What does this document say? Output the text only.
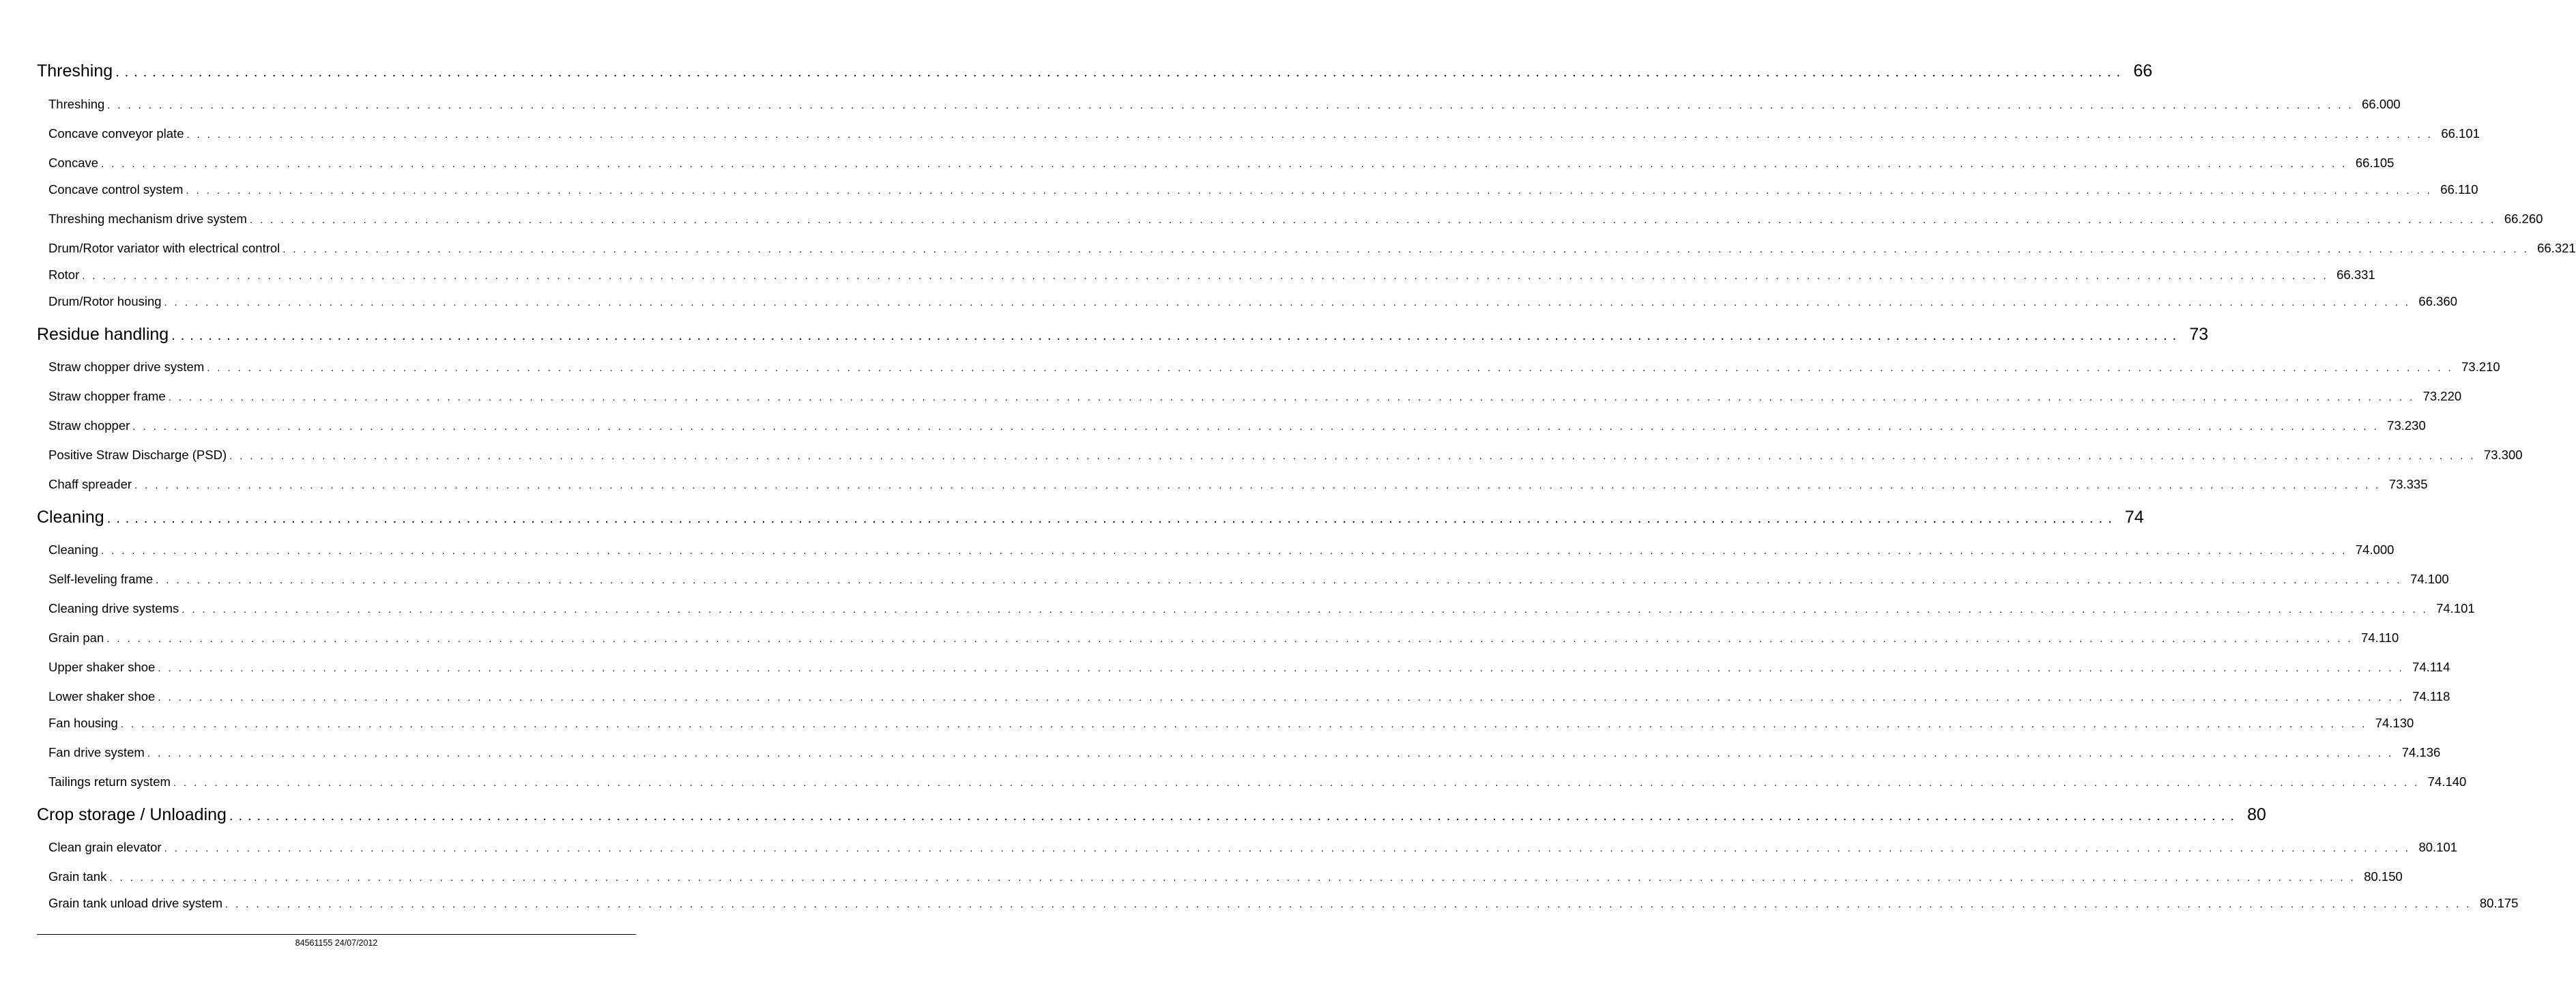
Threshing . . . . . . . . . . . . . . . . . . . . . . . . . . . . . . . . . . . . . . . . . . . . . . . . . . . . . . . . . . . . . . . . . . . . . . . . . . . . . . . . . . . . . . . . . . . . . . . . . . . . . . . . . . . . . . . . . . . . . . . . . . . . . . . . . . . . . . . . . . . . . . . . . . . . . . . . . . . . . . . . . . . . . . . . . . . . . . . . . . . . . . . . . . . . . . . . . . . . . . . . . . . . . . . . . . . . . . . . . . 66
Threshing . . . . . . . . . . . . . . . . . . . . . . . . . . . . . . . . . . . . . . . . . . . . . . . . . . . . . . . . . . . . . . . . . . . . . . . . . . . . . . . . . . . . . . . . . . . . . . . . . . . . . . . . . . . . . . . . . . . . . . . . . . . . . . . . . . . . . . . . . . . . . . . . . . . . . . . . . . . . . . . . . . . . . . . . . . . . . . . . . . . . . . . . . . . . . . . . . . . . . . . . . . . . . . . . . . . . . . . . . . 66.000
Concave conveyor plate . . . . . . . . . . . . . . . . . . . . . . . . . . . . . . . . . . . . . . . . . . . . . . . . . . . . . . . . . . . . . . . . . . . . . . . . . . . . . . . . . . . . . . . . . . . . . . . . . . . . . . . . . . . . . . . . . . . . . . . . . . . . . . . . . . . . . . . . . . . . . . . . . . . . . . . . . . . . . . . . . . . . . . . . . . . . . . . . . . . . . . . . . . . . . . . . . . . . . . . . . . . . . . . . . . . . . . . . . . 66.101
Concave . . . . . . . . . . . . . . . . . . . . . . . . . . . . . . . . . . . . . . . . . . . . . . . . . . . . . . . . . . . . . . . . . . . . . . . . . . . . . . . . . . . . . . . . . . . . . . . . . . . . . . . . . . . . . . . . . . . . . . . . . . . . . . . . . . . . . . . . . . . . . . . . . . . . . . . . . . . . . . . . . . . . . . . . . . . . . . . . . . . . . . . . . . . . . . . . . . . . . . . . . . . . . . . . . . . . . . . . . . 66.105
Concave control system . . . . . . . . . . . . . . . . . . . . . . . . . . . . . . . . . . . . . . . . . . . . . . . . . . . . . . . . . . . . . . . . . . . . . . . . . . . . . . . . . . . . . . . . . . . . . . . . . . . . . . . . . . . . . . . . . . . . . . . . . . . . . . . . . . . . . . . . . . . . . . . . . . . . . . . . . . . . . . . . . . . . . . . . . . . . . . . . . . . . . . . . . . . . . . . . . . . . . . . . . . . . . . . . . . . . . . . . . . 66.110
Threshing mechanism drive system . . . . . . . . . . . . . . . . . . . . . . . . . . . . . . . . . . . . . . . . . . . . . . . . . . . . . . . . . . . . . . . . . . . . . . . . . . . . . . . . . . . . . . . . . . . . . . . . . . . . . . . . . . . . . . . . . . . . . . . . . . . . . . . . . . . . . . . . . . . . . . . . . . . . . . . . . . . . . . . . . . . . . . . . . . . . . . . . . . . . . . . . . . . . . . . . . . . . . . . . . . . . . . . . . . . . . . . . . . 66.260
Drum/Rotor variator with electrical control . . . . . . . . . . . . . . . . . . . . . . . . . . . . . . . . . . . . . . . . . . . . . . . . . . . . . . . . . . . . . . . . . . . . . . . . . . . . . . . . . . . . . . . . . . . . . . . . . . . . . . . . . . . . . . . . . . . . . . . . . . . . . . . . . . . . . . . . . . . . . . . . . . . . . . . . . . . . . . . . . . . . . . . . . . . . . . . . . . . . . . . . . . . . . . . . . . . . . . . . . . . . . . . . . . . . . . . . . . 66.321
Rotor . . . . . . . . . . . . . . . . . . . . . . . . . . . . . . . . . . . . . . . . . . . . . . . . . . . . . . . . . . . . . . . . . . . . . . . . . . . . . . . . . . . . . . . . . . . . . . . . . . . . . . . . . . . . . . . . . . . . . . . . . . . . . . . . . . . . . . . . . . . . . . . . . . . . . . . . . . . . . . . . . . . . . . . . . . . . . . . . . . . . . . . . . . . . . . . . . . . . . . . . . . . . . . . . . . . . . . . . . . 66.331
Drum/Rotor housing . . . . . . . . . . . . . . . . . . . . . . . . . . . . . . . . . . . . . . . . . . . . . . . . . . . . . . . . . . . . . . . . . . . . . . . . . . . . . . . . . . . . . . . . . . . . . . . . . . . . . . . . . . . . . . . . . . . . . . . . . . . . . . . . . . . . . . . . . . . . . . . . . . . . . . . . . . . . . . . . . . . . . . . . . . . . . . . . . . . . . . . . . . . . . . . . . . . . . . . . . . . . . . . . . . . . . . . . . . 66.360
Residue handling . . . . . . . . . . . . . . . . . . . . . . . . . . . . . . . . . . . . . . . . . . . . . . . . . . . . . . . . . . . . . . . . . . . . . . . . . . . . . . . . . . . . . . . . . . . . . . . . . . . . . . . . . . . . . . . . . . . . . . . . . . . . . . . . . . . . . . . . . . . . . . . . . . . . . . . . . . . . . . . . . . . . . . . . . . . . . . . . . . . . . . . . . . . . . . . . . . . . . . . . . . . . . . . . . . . . . . . . . . 73
Straw chopper drive system . . . . . . . . . . . . . . . . . . . . . . . . . . . . . . . . . . . . . . . . . . . . . . . . . . . . . . . . . . . . . . . . . . . . . . . . . . . . . . . . . . . . . . . . . . . . . . . . . . . . . . . . . . . . . . . . . . . . . . . . . . . . . . . . . . . . . . . . . . . . . . . . . . . . . . . . . . . . . . . . . . . . . . . . . . . . . . . . . . . . . . . . . . . . . . . . . . . . . . . . . . . . . . . . . . . . . . . . . . 73.210
Straw chopper frame . . . . . . . . . . . . . . . . . . . . . . . . . . . . . . . . . . . . . . . . . . . . . . . . . . . . . . . . . . . . . . . . . . . . . . . . . . . . . . . . . . . . . . . . . . . . . . . . . . . . . . . . . . . . . . . . . . . . . . . . . . . . . . . . . . . . . . . . . . . . . . . . . . . . . . . . . . . . . . . . . . . . . . . . . . . . . . . . . . . . . . . . . . . . . . . . . . . . . . . . . . . . . . . . . . . . . . . . . . 73.220
Straw chopper . . . . . . . . . . . . . . . . . . . . . . . . . . . . . . . . . . . . . . . . . . . . . . . . . . . . . . . . . . . . . . . . . . . . . . . . . . . . . . . . . . . . . . . . . . . . . . . . . . . . . . . . . . . . . . . . . . . . . . . . . . . . . . . . . . . . . . . . . . . . . . . . . . . . . . . . . . . . . . . . . . . . . . . . . . . . . . . . . . . . . . . . . . . . . . . . . . . . . . . . . . . . . . . . . . . . . . . . . . 73.230
Positive Straw Discharge (PSD) . . . . . . . . . . . . . . . . . . . . . . . . . . . . . . . . . . . . . . . . . . . . . . . . . . . . . . . . . . . . . . . . . . . . . . . . . . . . . . . . . . . . . . . . . . . . . . . . . . . . . . . . . . . . . . . . . . . . . . . . . . . . . . . . . . . . . . . . . . . . . . . . . . . . . . . . . . . . . . . . . . . . . . . . . . . . . . . . . . . . . . . . . . . . . . . . . . . . . . . . . . . . . . . . . . . . . . . . . . 73.300
Chaff spreader . . . . . . . . . . . . . . . . . . . . . . . . . . . . . . . . . . . . . . . . . . . . . . . . . . . . . . . . . . . . . . . . . . . . . . . . . . . . . . . . . . . . . . . . . . . . . . . . . . . . . . . . . . . . . . . . . . . . . . . . . . . . . . . . . . . . . . . . . . . . . . . . . . . . . . . . . . . . . . . . . . . . . . . . . . . . . . . . . . . . . . . . . . . . . . . . . . . . . . . . . . . . . . . . . . . . . . . . . . 73.335
Cleaning . . . . . . . . . . . . . . . . . . . . . . . . . . . . . . . . . . . . . . . . . . . . . . . . . . . . . . . . . . . . . . . . . . . . . . . . . . . . . . . . . . . . . . . . . . . . . . . . . . . . . . . . . . . . . . . . . . . . . . . . . . . . . . . . . . . . . . . . . . . . . . . . . . . . . . . . . . . . . . . . . . . . . . . . . . . . . . . . . . . . . . . . . . . . . . . . . . . . . . . . . . . . . . . . . . . . . . . . . . 74
Cleaning . . . . . . . . . . . . . . . . . . . . . . . . . . . . . . . . . . . . . . . . . . . . . . . . . . . . . . . . . . . . . . . . . . . . . . . . . . . . . . . . . . . . . . . . . . . . . . . . . . . . . . . . . . . . . . . . . . . . . . . . . . . . . . . . . . . . . . . . . . . . . . . . . . . . . . . . . . . . . . . . . . . . . . . . . . . . . . . . . . . . . . . . . . . . . . . . . . . . . . . . . . . . . . . . . . . . . . . . . . 74.000
Self-leveling frame . . . . . . . . . . . . . . . . . . . . . . . . . . . . . . . . . . . . . . . . . . . . . . . . . . . . . . . . . . . . . . . . . . . . . . . . . . . . . . . . . . . . . . . . . . . . . . . . . . . . . . . . . . . . . . . . . . . . . . . . . . . . . . . . . . . . . . . . . . . . . . . . . . . . . . . . . . . . . . . . . . . . . . . . . . . . . . . . . . . . . . . . . . . . . . . . . . . . . . . . . . . . . . . . . . . . . . . . . . 74.100
Cleaning drive systems . . . . . . . . . . . . . . . . . . . . . . . . . . . . . . . . . . . . . . . . . . . . . . . . . . . . . . . . . . . . . . . . . . . . . . . . . . . . . . . . . . . . . . . . . . . . . . . . . . . . . . . . . . . . . . . . . . . . . . . . . . . . . . . . . . . . . . . . . . . . . . . . . . . . . . . . . . . . . . . . . . . . . . . . . . . . . . . . . . . . . . . . . . . . . . . . . . . . . . . . . . . . . . . . . . . . . . . . . . 74.101
Grain pan . . . . . . . . . . . . . . . . . . . . . . . . . . . . . . . . . . . . . . . . . . . . . . . . . . . . . . . . . . . . . . . . . . . . . . . . . . . . . . . . . . . . . . . . . . . . . . . . . . . . . . . . . . . . . . . . . . . . . . . . . . . . . . . . . . . . . . . . . . . . . . . . . . . . . . . . . . . . . . . . . . . . . . . . . . . . . . . . . . . . . . . . . . . . . . . . . . . . . . . . . . . . . . . . . . . . . . . . . . 74.110
Upper shaker shoe . . . . . . . . . . . . . . . . . . . . . . . . . . . . . . . . . . . . . . . . . . . . . . . . . . . . . . . . . . . . . . . . . . . . . . . . . . . . . . . . . . . . . . . . . . . . . . . . . . . . . . . . . . . . . . . . . . . . . . . . . . . . . . . . . . . . . . . . . . . . . . . . . . . . . . . . . . . . . . . . . . . . . . . . . . . . . . . . . . . . . . . . . . . . . . . . . . . . . . . . . . . . . . . . . . . . . . . . . . 74.114
Lower shaker shoe . . . . . . . . . . . . . . . . . . . . . . . . . . . . . . . . . . . . . . . . . . . . . . . . . . . . . . . . . . . . . . . . . . . . . . . . . . . . . . . . . . . . . . . . . . . . . . . . . . . . . . . . . . . . . . . . . . . . . . . . . . . . . . . . . . . . . . . . . . . . . . . . . . . . . . . . . . . . . . . . . . . . . . . . . . . . . . . . . . . . . . . . . . . . . . . . . . . . . . . . . . . . . . . . . . . . . . . . . . 74.118
Fan housing . . . . . . . . . . . . . . . . . . . . . . . . . . . . . . . . . . . . . . . . . . . . . . . . . . . . . . . . . . . . . . . . . . . . . . . . . . . . . . . . . . . . . . . . . . . . . . . . . . . . . . . . . . . . . . . . . . . . . . . . . . . . . . . . . . . . . . . . . . . . . . . . . . . . . . . . . . . . . . . . . . . . . . . . . . . . . . . . . . . . . . . . . . . . . . . . . . . . . . . . . . . . . . . . . . . . . . . . . . 74.130
Fan drive system . . . . . . . . . . . . . . . . . . . . . . . . . . . . . . . . . . . . . . . . . . . . . . . . . . . . . . . . . . . . . . . . . . . . . . . . . . . . . . . . . . . . . . . . . . . . . . . . . . . . . . . . . . . . . . . . . . . . . . . . . . . . . . . . . . . . . . . . . . . . . . . . . . . . . . . . . . . . . . . . . . . . . . . . . . . . . . . . . . . . . . . . . . . . . . . . . . . . . . . . . . . . . . . . . . . . . . . . . . 74.136
Tailings return system . . . . . . . . . . . . . . . . . . . . . . . . . . . . . . . . . . . . . . . . . . . . . . . . . . . . . . . . . . . . . . . . . . . . . . . . . . . . . . . . . . . . . . . . . . . . . . . . . . . . . . . . . . . . . . . . . . . . . . . . . . . . . . . . . . . . . . . . . . . . . . . . . . . . . . . . . . . . . . . . . . . . . . . . . . . . . . . . . . . . . . . . . . . . . . . . . . . . . . . . . . . . . . . . . . . . . . . . . . 74.140
Crop storage / Unloading . . . . . . . . . . . . . . . . . . . . . . . . . . . . . . . . . . . . . . . . . . . . . . . . . . . . . . . . . . . . . . . . . . . . . . . . . . . . . . . . . . . . . . . . . . . . . . . . . . . . . . . . . . . . . . . . . . . . . . . . . . . . . . . . . . . . . . . . . . . . . . . . . . . . . . . . . . . . . . . . . . . . . . . . . . . . . . . . . . . . . . . . . . . . . . . . . . . . . . . . . . . . . . . . . . . . . . . . . . 80
Clean grain elevator . . . . . . . . . . . . . . . . . . . . . . . . . . . . . . . . . . . . . . . . . . . . . . . . . . . . . . . . . . . . . . . . . . . . . . . . . . . . . . . . . . . . . . . . . . . . . . . . . . . . . . . . . . . . . . . . . . . . . . . . . . . . . . . . . . . . . . . . . . . . . . . . . . . . . . . . . . . . . . . . . . . . . . . . . . . . . . . . . . . . . . . . . . . . . . . . . . . . . . . . . . . . . . . . . . . . . . . . . . 80.101
Grain tank . . . . . . . . . . . . . . . . . . . . . . . . . . . . . . . . . . . . . . . . . . . . . . . . . . . . . . . . . . . . . . . . . . . . . . . . . . . . . . . . . . . . . . . . . . . . . . . . . . . . . . . . . . . . . . . . . . . . . . . . . . . . . . . . . . . . . . . . . . . . . . . . . . . . . . . . . . . . . . . . . . . . . . . . . . . . . . . . . . . . . . . . . . . . . . . . . . . . . . . . . . . . . . . . . . . . . . . . . . 80.150
Grain tank unload drive system . . . . . . . . . . . . . . . . . . . . . . . . . . . . . . . . . . . . . . . . . . . . . . . . . . . . . . . . . . . . . . . . . . . . . . . . . . . . . . . . . . . . . . . . . . . . . . . . . . . . . . . . . . . . . . . . . . . . . . . . . . . . . . . . . . . . . . . . . . . . . . . . . . . . . . . . . . . . . . . . . . . . . . . . . . . . . . . . . . . . . . . . . . . . . . . . . . . . . . . . . . . . . . . . . . . . . . . . . . 80.175
84561155 24/07/2012
